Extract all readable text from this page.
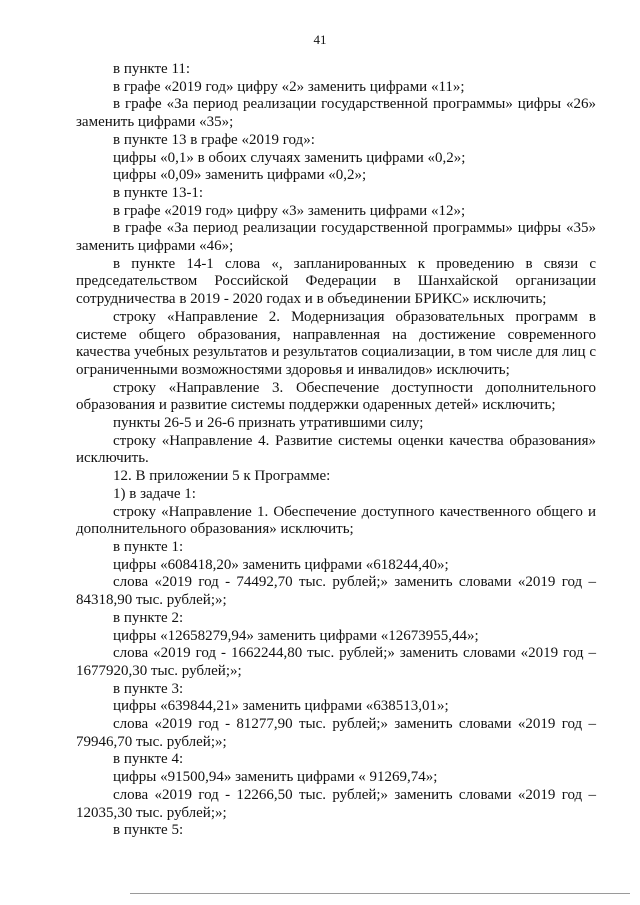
41

в пункте 11:

в графе «2019 год» цифру «2» заменить цифрами «11»;

в графе «За период реализации государственной программы» цифры «26» заменить цифрами «35»;

в пункте 13 в графе «2019 год»:

цифры «0,1» в обоих случаях заменить цифрами «0,2»;

цифры «0,09» заменить цифрами «0,2»;

в пункте 13-1:

в графе «2019 год» цифру «3» заменить цифрами «12»;

в графе «За период реализации государственной программы» цифры «35» заменить цифрами «46»;

в пункте 14-1 слова «, запланированных к проведению в связи с председательством Российской Федерации в Шанхайской организации сотрудничества в 2019 - 2020 годах и в объединении БРИКС» исключить;

строку «Направление 2. Модернизация образовательных программ в системе общего образования, направленная на достижение современного качества учебных результатов и результатов социализации, в том числе для лиц с ограниченными возможностями здоровья и инвалидов» исключить;

строку «Направление 3. Обеспечение доступности дополнительного образования и развитие системы поддержки одаренных детей» исключить;

пункты 26-5 и 26-6 признать утратившими силу;

строку «Направление 4. Развитие системы оценки качества образования» исключить.

12. В приложении 5 к Программе:

1) в задаче 1:

строку «Направление 1. Обеспечение доступного качественного общего и дополнительного образования» исключить;

в пункте 1:

цифры «608418,20» заменить цифрами «618244,40»;

слова «2019 год - 74492,70 тыс. рублей;» заменить словами «2019 год – 84318,90 тыс. рублей;»;

в пункте 2:

цифры «12658279,94» заменить цифрами «12673955,44»;

слова «2019 год - 1662244,80 тыс. рублей;» заменить словами «2019 год – 1677920,30 тыс. рублей;»;

в пункте 3:

цифры «639844,21» заменить цифрами «638513,01»;

слова «2019 год - 81277,90 тыс. рублей;» заменить словами «2019 год – 79946,70 тыс. рублей;»;

в пункте 4:

цифры «91500,94» заменить цифрами « 91269,74»;

слова «2019 год - 12266,50 тыс. рублей;» заменить словами «2019 год – 12035,30 тыс. рублей;»;

в пункте 5:
